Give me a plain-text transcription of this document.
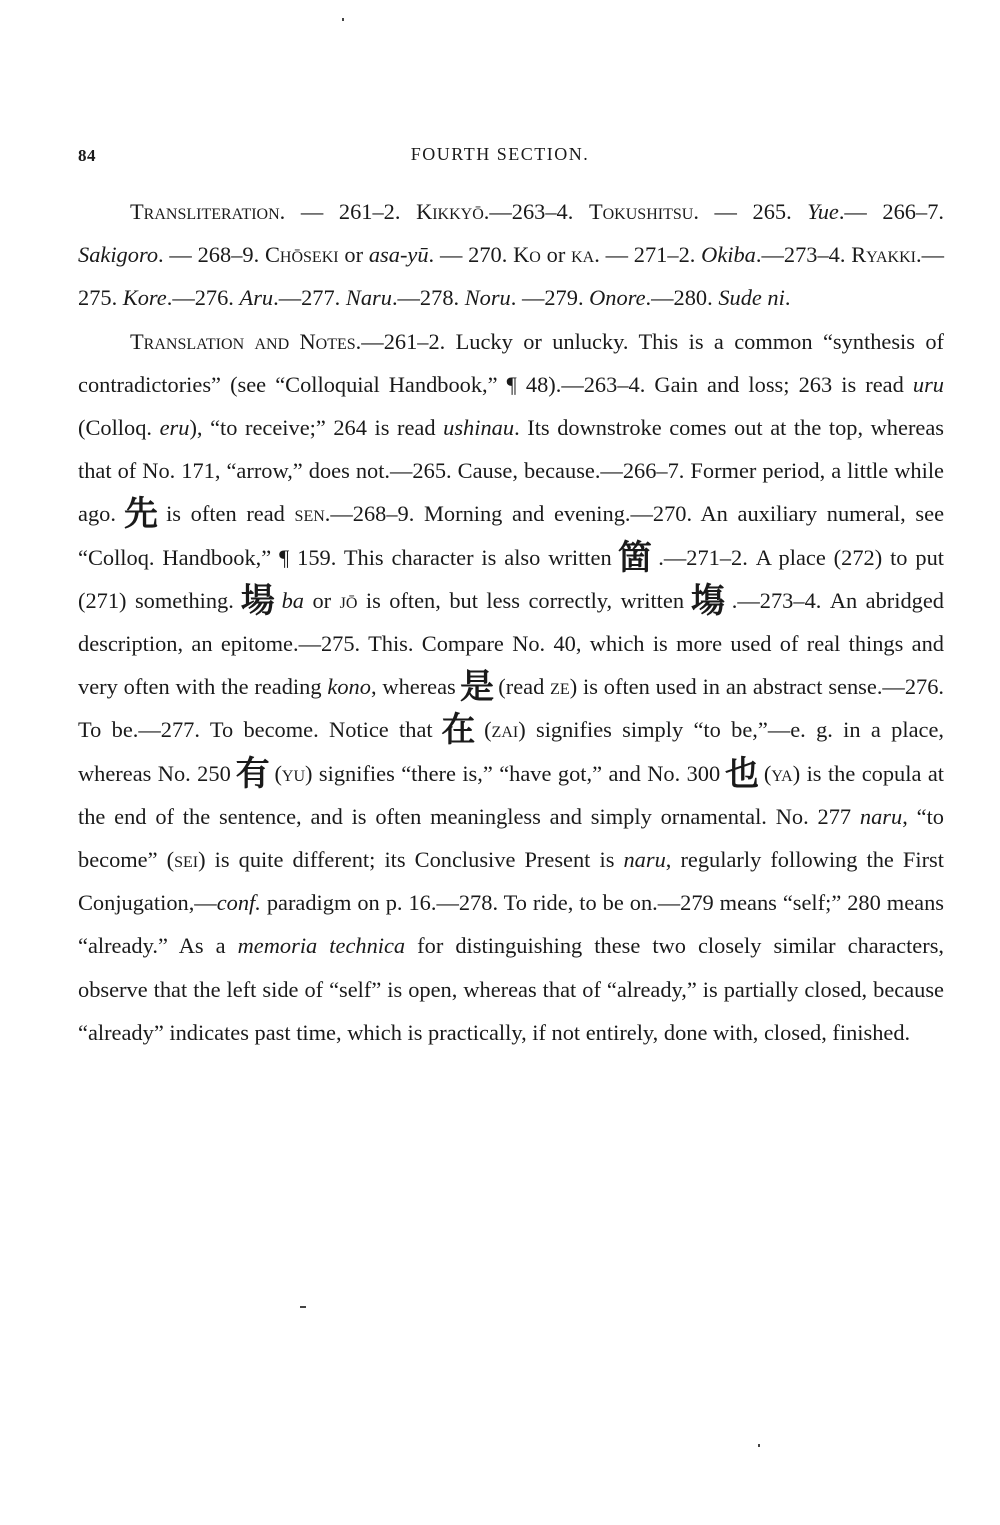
84	FOURTH SECTION.

Transliteration. — 261–2. Kikkyō.—263–4. Tokushitsu. — 265. Yue.— 266–7. Sakigoro. — 268–9. Chōseki or asa-yū. — 270. Ko or ka. — 271–2. Okiba.—273–4. Ryakki.—275. Kore.—276. Aru.—277. Naru.—278. Noru. —279. Onore.—280. Sude ni.

Translation and Notes.—261–2. Lucky or unlucky. This is a common “synthesis of contradictories” (see “Colloquial Handbook,” ¶ 48).—263–4. Gain and loss; 263 is read uru (Colloq. eru), “to receive;” 264 is read ushinau. Its downstroke comes out at the top, whereas that of No. 171, “arrow,” does not.—265. Cause, because.—266–7. Former period, a little while ago. 先 is often read sen.—268–9. Morning and evening.—270. An auxiliary numeral, see “Colloq. Handbook,” ¶ 159. This character is also written 箇 .—271–2. A place (272) to put (271) something. 場 ba or jō is often, but less correctly, written 塲 .—273–4. An abridged description, an epitome.—275. This. Compare No. 40, which is more used of real things and very often with the reading kono, whereas 是 (read ze) is often used in an abstract sense.—276. To be.—277. To become. Notice that 在 (zai) signifies simply “to be,”—e. g. in a place, whereas No. 250 有 (yu) signifies “there is,” “have got,” and No. 300 也 (ya) is the copula at the end of the sentence, and is often meaningless and simply ornamental. No. 277 naru, “to become” (sei) is quite different; its Conclusive Present is naru, regularly following the First Conjugation,—conf. paradigm on p. 16.—278. To ride, to be on.—279 means “self;” 280 means “already.” As a memoria technica for distinguishing these two closely similar characters, observe that the left side of “self” is open, whereas that of “already,” is partially closed, because “already” indicates past time, which is practically, if not entirely, done with, closed, finished.
